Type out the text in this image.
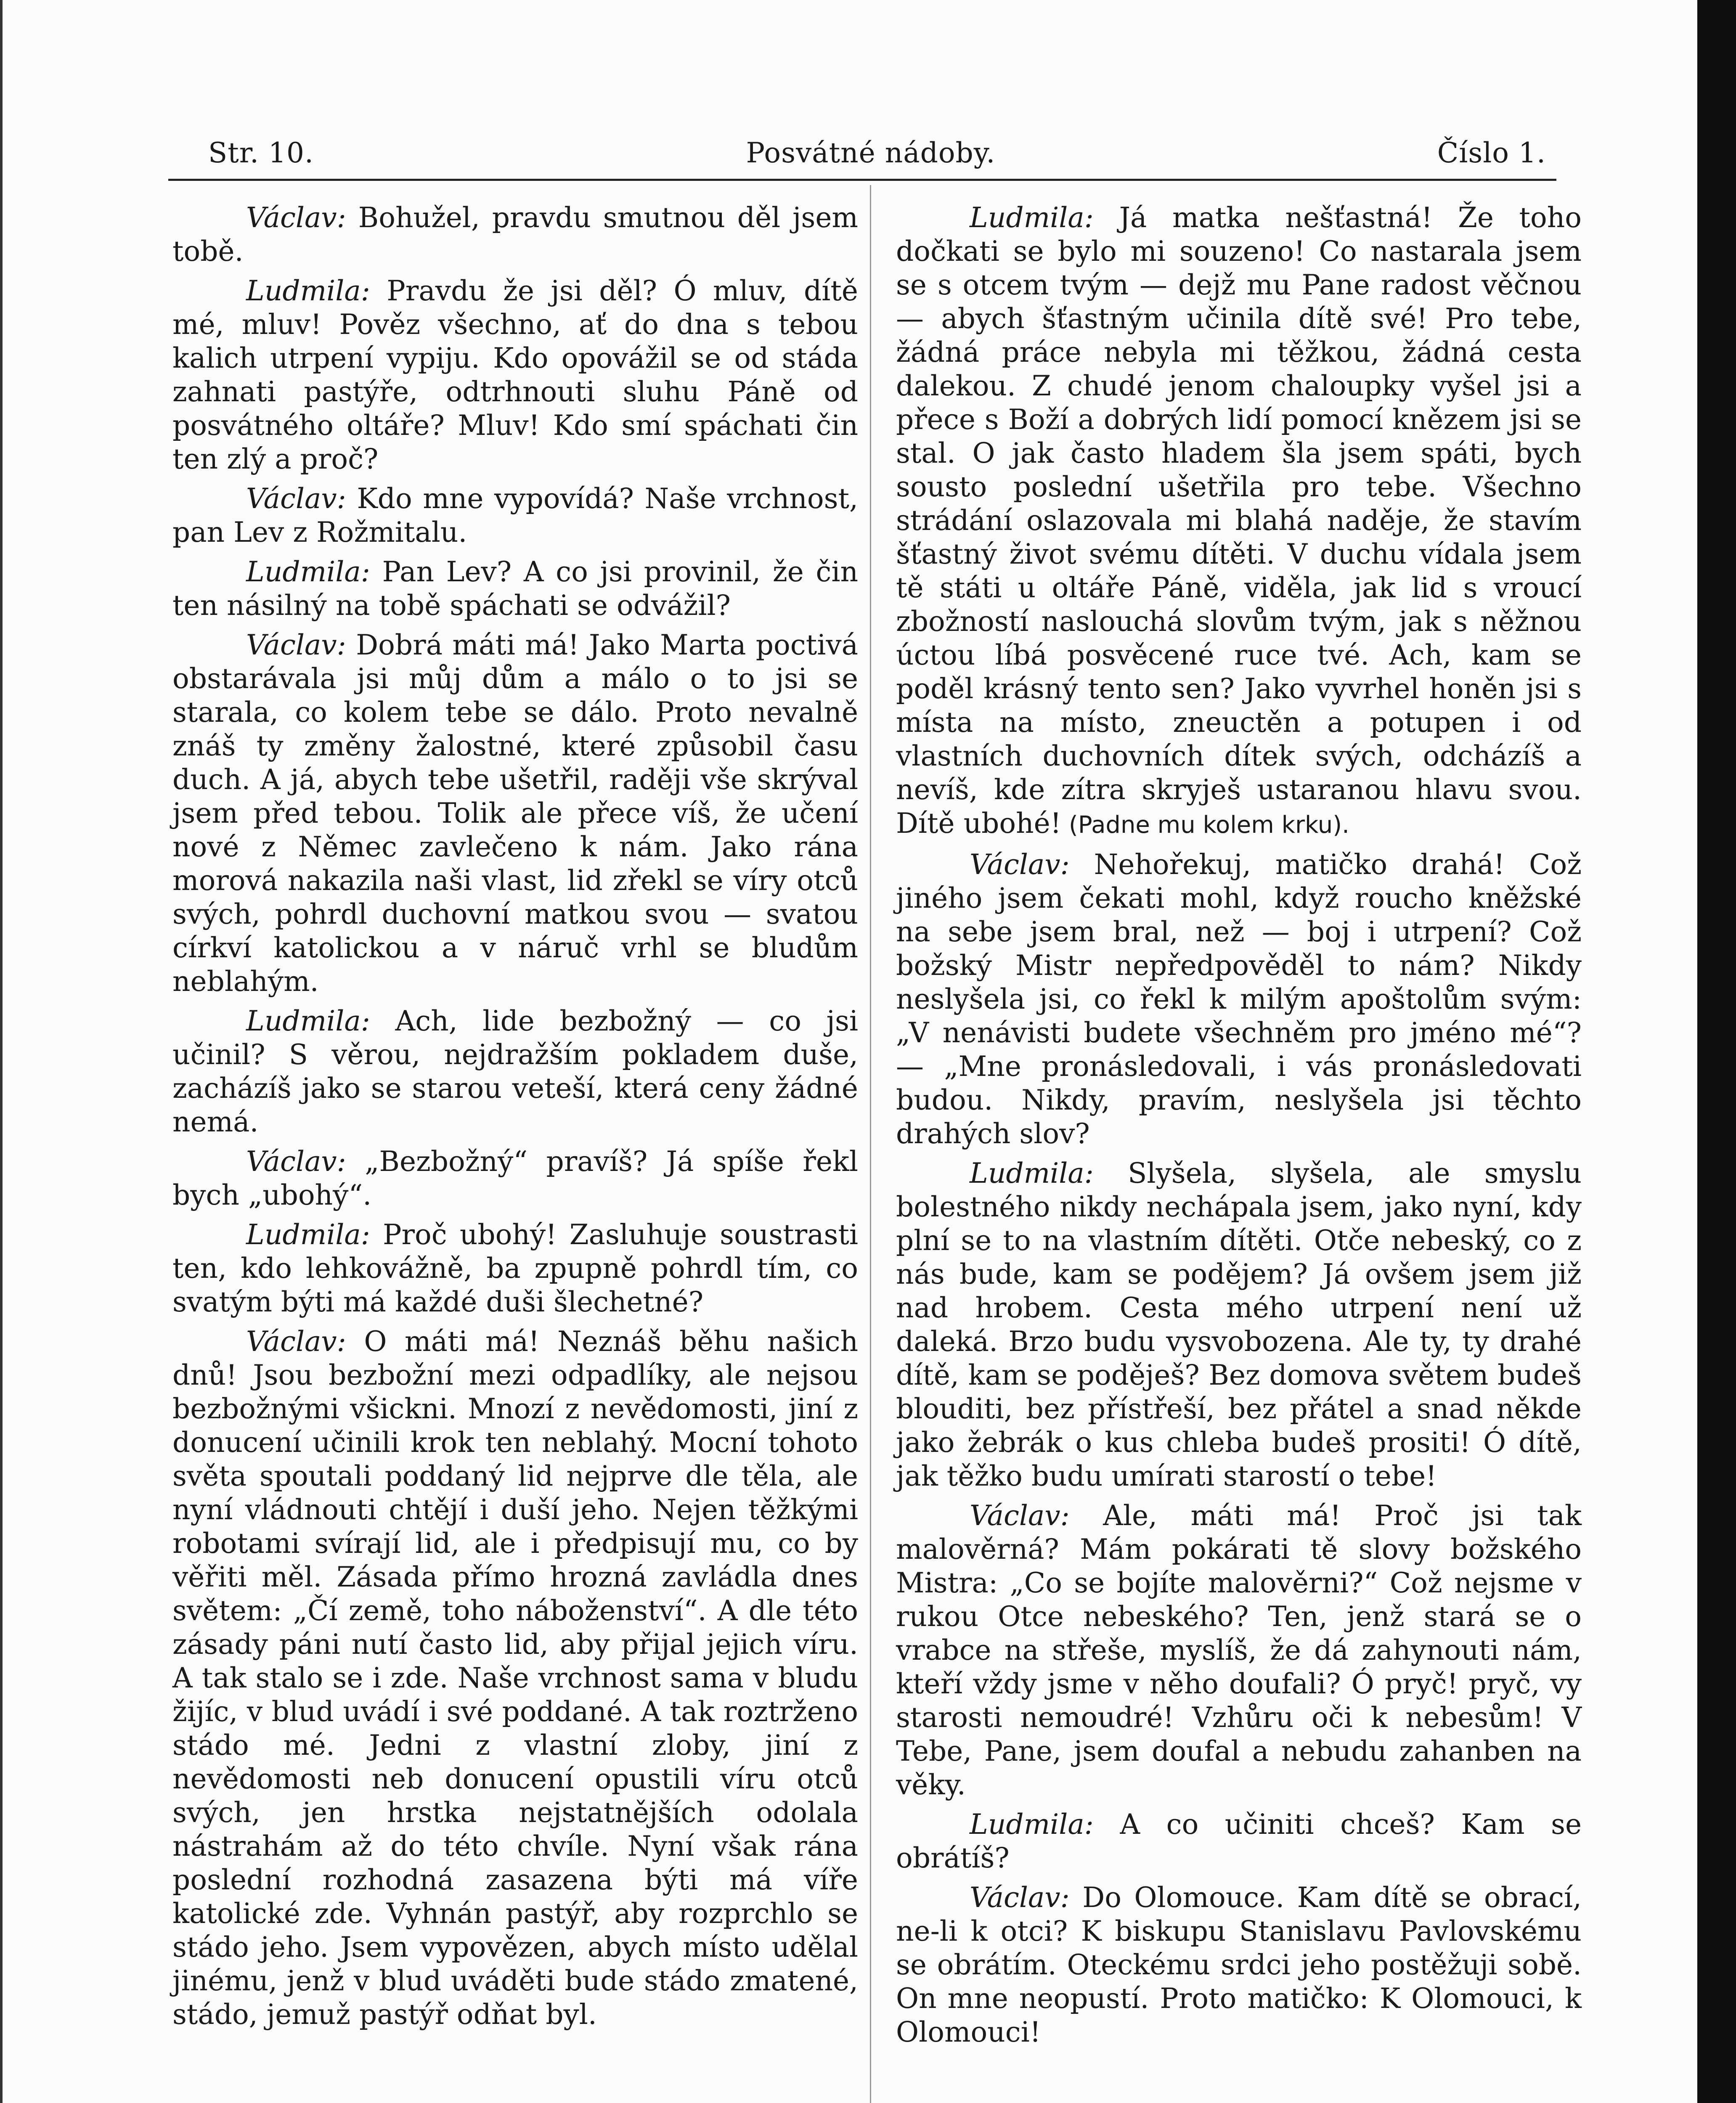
Str. 10.	Posvátné nádoby.	Číslo 1.

Václav: Bohužel, pravdu smutnou děl jsem tobě.

Ludmila: Pravdu že jsi děl? Ó mluv, dítě mé, mluv! Pověz všechno, ať do dna s tebou kalich utrpení vypiju. Kdo opovážil se od stáda zahnati pastýře, odtrhnouti sluhu Páně od posvátného oltáře? Mluv! Kdo smí spáchati čin ten zlý a proč?

Václav: Kdo mne vypovídá? Naše vrchnost, pan Lev z Rožmitalu.

Ludmila: Pan Lev? A co jsi provinil, že čin ten násilný na tobě spáchati se odvážil?

Václav: Dobrá máti má! Jako Marta poctivá obstarávala jsi můj dům a málo o to jsi se starala, co kolem tebe se dálo. Proto nevalně znáš ty změny žalostné, které způsobil času duch. A já, abych tebe ušetřil, raději vše skrýval jsem před tebou. Tolik ale přece víš, že učení nové z Němec zavlečeno k nám. Jako rána morová nakazila naši vlast, lid zřekl se víry otců svých, pohrdl duchovní matkou svou — svatou církví katolickou a v náruč vrhl se bludům neblahým.

Ludmila: Ach, lide bezbožný — co jsi učinil? S věrou, nejdražším pokladem duše, zacházíš jako se starou veteší, která ceny žádné nemá.

Václav: „Bezbožný“ pravíš? Já spíše řekl bych „ubohý“.

Ludmila: Proč ubohý! Zasluhuje soustrasti ten, kdo lehkovážně, ba zpupně pohrdl tím, co svatým býti má každé duši šlechetné?

Václav: O máti má! Neznáš běhu našich dnů! Jsou bezbožní mezi odpadlíky, ale nejsou bezbožnými všickni. Mnozí z nevědomosti, jiní z donucení učinili krok ten neblahý. Mocní tohoto světa spoutali poddaný lid nejprve dle těla, ale nyní vládnouti chtějí i duší jeho. Nejen těžkými robotami svírají lid, ale i předpisují mu, co by věřiti měl. Zásada přímo hrozná zavládla dnes světem: „Čí země, toho náboženství“. A dle této zásady páni nutí často lid, aby přijal jejich víru. A tak stalo se i zde. Naše vrchnost sama v bludu žijíc, v blud uvádí i své poddané. A tak roztrženo stádo mé. Jedni z vlastní zloby, jiní z nevědomosti neb donucení opustili víru otců svých, jen hrstka nejstatnějších odolala nástrahám až do této chvíle. Nyní však rána poslední rozhodná zasazena býti má víře katolické zde. Vyhnán pastýř, aby rozprchlo se stádo jeho. Jsem vypovězen, abych místo udělal jinému, jenž v blud uváděti bude stádo zmatené, stádo, jemuž pastýř odňat byl.

Ludmila: Já matka nešťastná! Že toho dočkati se bylo mi souzeno! Co nastarala jsem se s otcem tvým — dejž mu Pane radost věčnou — abych šťastným učinila dítě své! Pro tebe, žádná práce nebyla mi těžkou, žádná cesta dalekou. Z chudé jenom chaloupky vyšel jsi a přece s Boží a dobrých lidí pomocí knězem jsi se stal. O jak často hladem šla jsem spáti, bych sousto poslední ušetřila pro tebe. Všechno strádání oslazovala mi blahá naděje, že stavím šťastný život svému dítěti. V duchu vídala jsem tě státi u oltáře Páně, viděla, jak lid s vroucí zbožností naslouchá slovům tvým, jak s něžnou úctou líbá posvěcené ruce tvé. Ach, kam se poděl krásný tento sen? Jako vyvrhel honěn jsi s místa na místo, zneuctěn a potupen i od vlastních duchovních dítek svých, odcházíš a nevíš, kde zítra skryješ ustaranou hlavu svou. Dítě ubohé! (Padne mu kolem krku).

Václav: Nehořekuj, matičko drahá! Což jiného jsem čekati mohl, když roucho kněžské na sebe jsem bral, než — boj i utrpení? Což božský Mistr nepředpověděl to nám? Nikdy neslyšela jsi, co řekl k milým apoštolům svým: „V nenávisti budete všechněm pro jméno mé“? — „Mne pronásledovali, i vás pronásledovati budou. Nikdy, pravím, neslyšela jsi těchto drahých slov?

Ludmila: Slyšela, slyšela, ale smyslu bolestného nikdy nechápala jsem, jako nyní, kdy plní se to na vlastním dítěti. Otče nebeský, co z nás bude, kam se podějem? Já ovšem jsem již nad hrobem. Cesta mého utrpení není už daleká. Brzo budu vysvobozena. Ale ty, ty drahé dítě, kam se poděješ? Bez domova světem budeš blouditi, bez přístřeší, bez přátel a snad někde jako žebrák o kus chleba budeš prositi! Ó dítě, jak těžko budu umírati starostí o tebe!

Václav: Ale, máti má! Proč jsi tak malověrná? Mám pokárati tě slovy božského Mistra: „Co se bojíte malověrni?“ Což nejsme v rukou Otce nebeského? Ten, jenž stará se o vrabce na střeše, myslíš, že dá zahynouti nám, kteří vždy jsme v něho doufali? Ó pryč! pryč, vy starosti nemoudré! Vzhůru oči k nebesům! V Tebe, Pane, jsem doufal a nebudu zahanben na věky.

Ludmila: A co učiniti chceš? Kam se obrátíš?

Václav: Do Olomouce. Kam dítě se obrací, ne-li k otci? K biskupu Stanislavu Pavlovskému se obrátím. Oteckému srdci jeho postěžuji sobě. On mne neopustí. Proto matičko: K Olomouci, k Olomouci!
